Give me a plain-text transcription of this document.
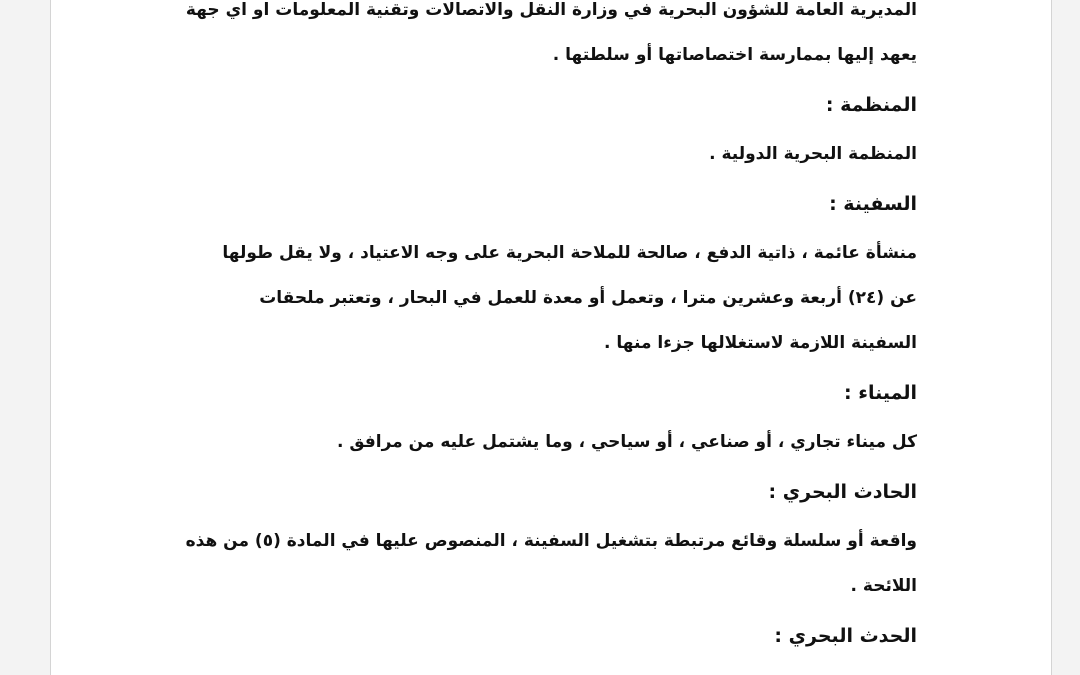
المديرية العامة للشؤون البحرية في وزارة النقل والاتصالات وتقنية المعلومات او اي جهة
يعهد إليها بممارسة اختصاصاتها أو سلطتها .

المنظمة :

المنظمة البحرية الدولية .

السفينة :

منشأة عائمة ، ذاتية الدفع ، صالحة للملاحة البحرية على وجه الاعتياد ، ولا يقل طولها
عن (٢٤) أربعة وعشرين مترا ، وتعمل أو معدة للعمل في البحار ، وتعتبر ملحقات
السفينة اللازمة لاستغلالها جزءا منها .

الميناء :

كل ميناء تجاري ، أو صناعي ، أو سياحي ، وما يشتمل عليه من مرافق .

الحادث البحري :

واقعة أو سلسلة وقائع مرتبطة بتشغيل السفينة ، المنصوص عليها في المادة (٥) من هذه
اللائحة .

الحدث البحري :
